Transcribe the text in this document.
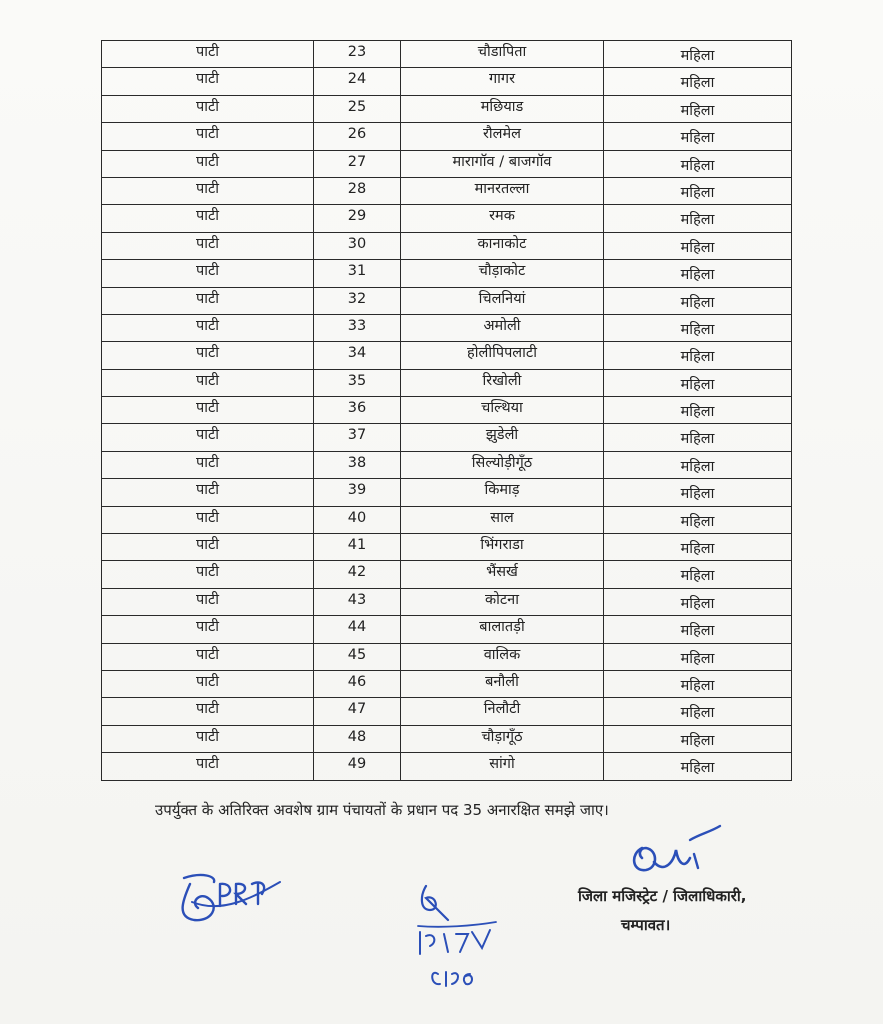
पाटी	23	चौडापिता	महिला
पाटी	24	गागर	महिला
पाटी	25	मछियाड	महिला
पाटी	26	रौलमेल	महिला
पाटी	27	मारागॉव / बाजगॉव	महिला
पाटी	28	मानरतल्ला	महिला
पाटी	29	रमक	महिला
पाटी	30	कानाकोट	महिला
पाटी	31	चौड़ाकोट	महिला
पाटी	32	चिलनियां	महिला
पाटी	33	अमोली	महिला
पाटी	34	होलीपिपलाटी	महिला
पाटी	35	रिखोली	महिला
पाटी	36	चल्थिया	महिला
पाटी	37	झुडेली	महिला
पाटी	38	सिल्योड़ीगूँठ	महिला
पाटी	39	किमाड़	महिला
पाटी	40	साल	महिला
पाटी	41	भिंगराडा	महिला
पाटी	42	भैंसर्ख	महिला
पाटी	43	कोटना	महिला
पाटी	44	बालातड़ी	महिला
पाटी	45	वालिक	महिला
पाटी	46	बनौली	महिला
पाटी	47	निलौटी	महिला
पाटी	48	चौड़ागूँठ	महिला
पाटी	49	सांगो	महिला
उपर्युक्त के अतिरिक्त अवशेष ग्राम पंचायतों के प्रधान पद 35 अनारक्षित समझे जाए।
जिला मजिस्ट्रेट / जिलाधिकारी,
चम्पावत।
